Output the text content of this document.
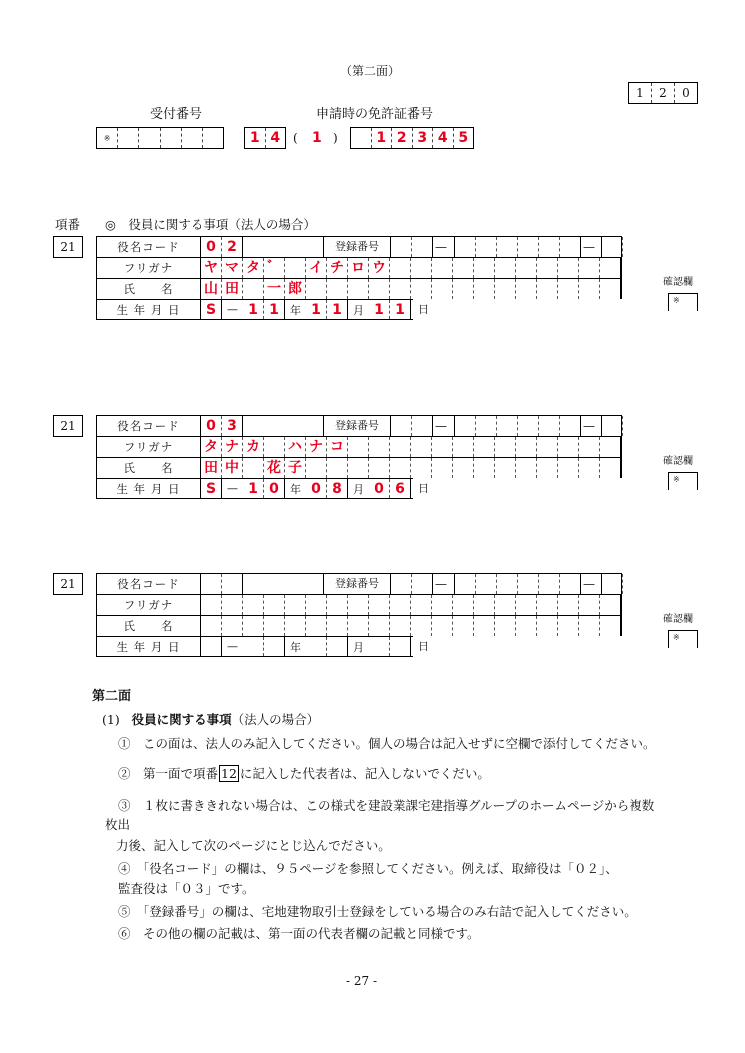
（第二面）
1	2	0
受付番号	申請時の免許証番号
※	1 4	( 1 )	1 2 3 4 5
項番 ◎　役員に関する事項（法人の場合）
21	役名コード	0 2	登録番号	—	—
フリガナ	ヤ マ タ ゛ イ チ ロ ウ
氏　　名	山 田 一 郎
生 年 月 日	S — 1 1	年 1 1	月 1 1	日
確認欄
※
21	役名コード	0 3	登録番号	—	—
フリガナ	タ ナ カ ハ ナ コ
氏　　名	田 中 花 子
生 年 月 日	S — 1 0	年 0 8	月 0 6	日
確認欄
※
21	役名コード	登録番号	—	—
フリガナ
氏　　名
生 年 月 日	—	年	月	日
確認欄
※
第二面
(1) 役員に関する事項（法人の場合）
①　この面は、法人のみ記入してください。個人の場合は記入せずに空欄で添付してください。
②　第一面で項番 12 に記入した代表者は、記入しないでくだい。
③　１枚に書ききれない場合は、この様式を建設業課宅建指導グループのホームページから複数
枚出
力後、記入して次のページにとじ込んでださい。
④　「役名コード」の欄は、９５ページを参照してください。例えば、取締役は「０２」、
監査役は「０３」です。
⑤　「登録番号」の欄は、宅地建物取引士登録をしている場合のみ右詰で記入してください。
⑥　その他の欄の記載は、第一面の代表者欄の記載と同様です。
- 27 -
